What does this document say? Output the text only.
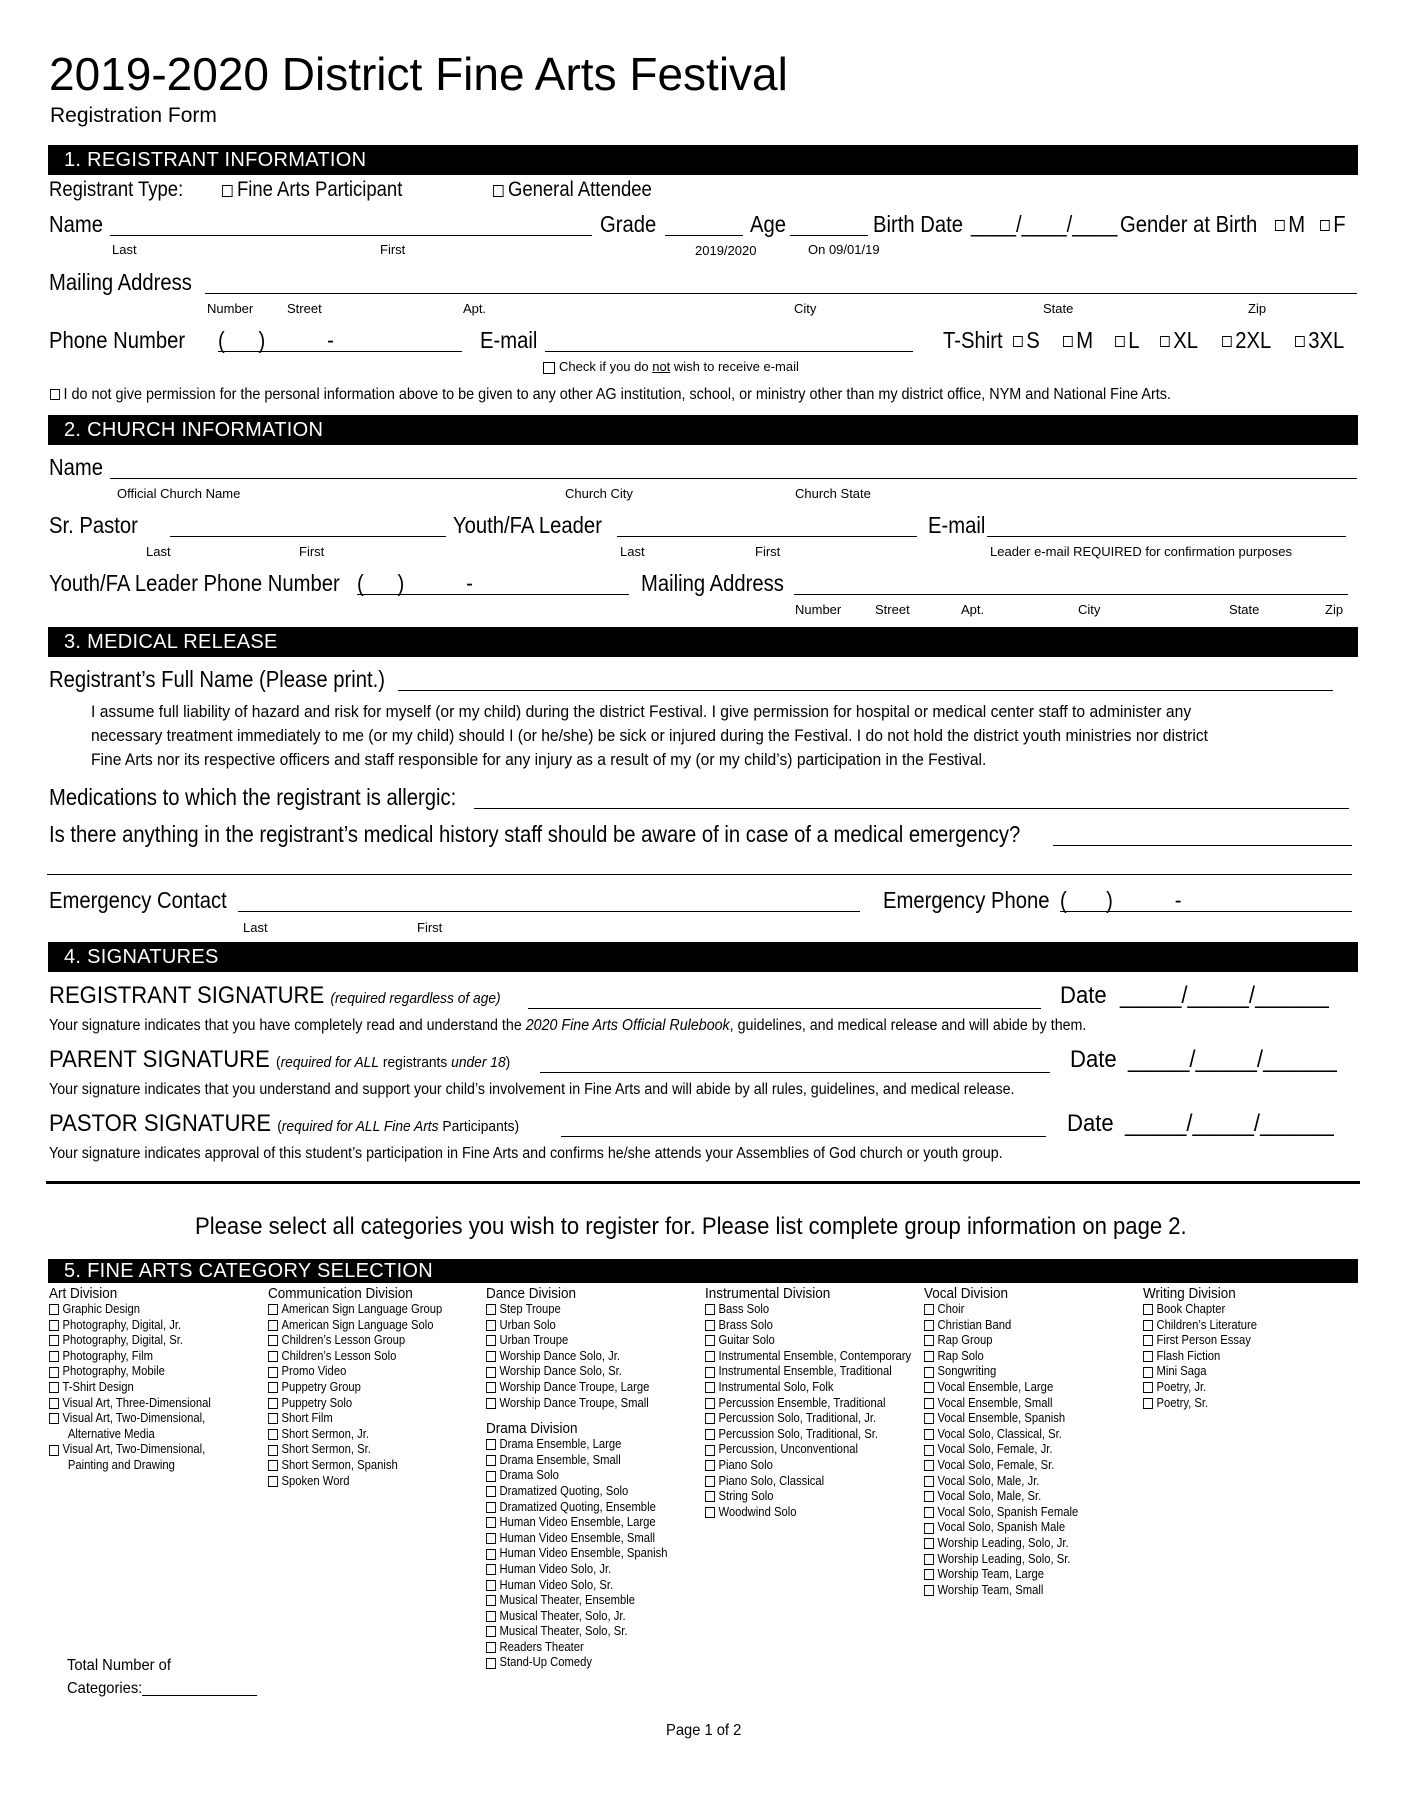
2019-2020 District Fine Arts Festival
Registration Form
1. REGISTRANT INFORMATION
Registrant Type:	Fine Arts Participant	General Attendee
Name	Grade	Age	Birth Date ____/____/____ Gender at Birth	M	F
Last	First	2019/2020	On 09/01/19
Mailing Address
Number	Street	Apt.	City	State	Zip
Phone Number (      )           -	E-mail
Check if you do not wish to receive e-mail
T-Shirt	S	M	L	XL	2XL	3XL
I do not give permission for the personal information above to be given to any other AG institution, school, or ministry other than my district office, NYM and National Fine Arts.
2. CHURCH INFORMATION
Name
Official Church Name	Church City	Church State
Sr. Pastor	Youth/FA Leader	E-mail
Last	First	Last	First	Leader e-mail REQUIRED for confirmation purposes
Youth/FA Leader Phone Number (      )           -	Mailing Address
Number	Street	Apt.	City	State	Zip
3. MEDICAL RELEASE
Registrant’s Full Name (Please print.)
I assume full liability of hazard and risk for myself (or my child) during the district Festival. I give permission for hospital or medical center staff to administer any necessary treatment immediately to me (or my child) should I (or he/she) be sick or injured during the Festival. I do not hold the district youth ministries nor district Fine Arts nor its respective officers and staff responsible for any injury as a result of my (or my child’s) participation in the Festival.
Medications to which the registrant is allergic:
Is there anything in the registrant’s medical history staff should be aware of in case of a medical emergency?
Emergency Contact	Emergency Phone (       )           -
Last	First
4. SIGNATURES
REGISTRANT SIGNATURE (required regardless of age)	Date _____/_____/______
Your signature indicates that you have completely read and understand the 2020 Fine Arts Official Rulebook, guidelines, and medical release and will abide by them.
PARENT SIGNATURE (required for ALL registrants under 18)	Date _____/_____/______
Your signature indicates that you understand and support your child’s involvement in Fine Arts and will abide by all rules, guidelines, and medical release.
PASTOR SIGNATURE (required for ALL Fine Arts Participants)	Date _____/_____/______
Your signature indicates approval of this student’s participation in Fine Arts and confirms he/she attends your Assemblies of God church or youth group.
Please select all categories you wish to register for. Please list complete group information on page 2.
5. FINE ARTS CATEGORY SELECTION
Art Division
Graphic Design
Photography, Digital, Jr.
Photography, Digital, Sr.
Photography, Film
Photography, Mobile
T-Shirt Design
Visual Art, Three-Dimensional
Visual Art, Two-Dimensional,
Alternative Media
Visual Art, Two-Dimensional,
Painting and Drawing
Communication Division
American Sign Language Group
American Sign Language Solo
Children’s Lesson Group
Children’s Lesson Solo
Promo Video
Puppetry Group
Puppetry Solo
Short Film
Short Sermon, Jr.
Short Sermon, Sr.
Short Sermon, Spanish
Spoken Word
Dance Division
Step Troupe
Urban Solo
Urban Troupe
Worship Dance Solo, Jr.
Worship Dance Solo, Sr.
Worship Dance Troupe, Large
Worship Dance Troupe, Small
Drama Division
Drama Ensemble, Large
Drama Ensemble, Small
Drama Solo
Dramatized Quoting, Solo
Dramatized Quoting, Ensemble
Human Video Ensemble, Large
Human Video Ensemble, Small
Human Video Ensemble, Spanish
Human Video Solo, Jr.
Human Video Solo, Sr.
Musical Theater, Ensemble
Musical Theater, Solo, Jr.
Musical Theater, Solo, Sr.
Readers Theater
Stand-Up Comedy
Instrumental Division
Bass Solo
Brass Solo
Guitar Solo
Instrumental Ensemble, Contemporary
Instrumental Ensemble, Traditional
Instrumental Solo, Folk
Percussion Ensemble, Traditional
Percussion Solo, Traditional, Jr.
Percussion Solo, Traditional, Sr.
Percussion, Unconventional
Piano Solo
Piano Solo, Classical
String Solo
Woodwind Solo
Vocal Division
Choir
Christian Band
Rap Group
Rap Solo
Songwriting
Vocal Ensemble, Large
Vocal Ensemble, Small
Vocal Ensemble, Spanish
Vocal Solo, Classical, Sr.
Vocal Solo, Female, Jr.
Vocal Solo, Female, Sr.
Vocal Solo, Male, Jr.
Vocal Solo, Male, Sr.
Vocal Solo, Spanish Female
Vocal Solo, Spanish Male
Worship Leading, Solo, Jr.
Worship Leading, Solo, Sr.
Worship Team, Large
Worship Team, Small
Writing Division
Book Chapter
Children’s Literature
First Person Essay
Flash Fiction
Mini Saga
Poetry, Jr.
Poetry, Sr.
Total Number of
Categories:______________
Page 1 of 2
